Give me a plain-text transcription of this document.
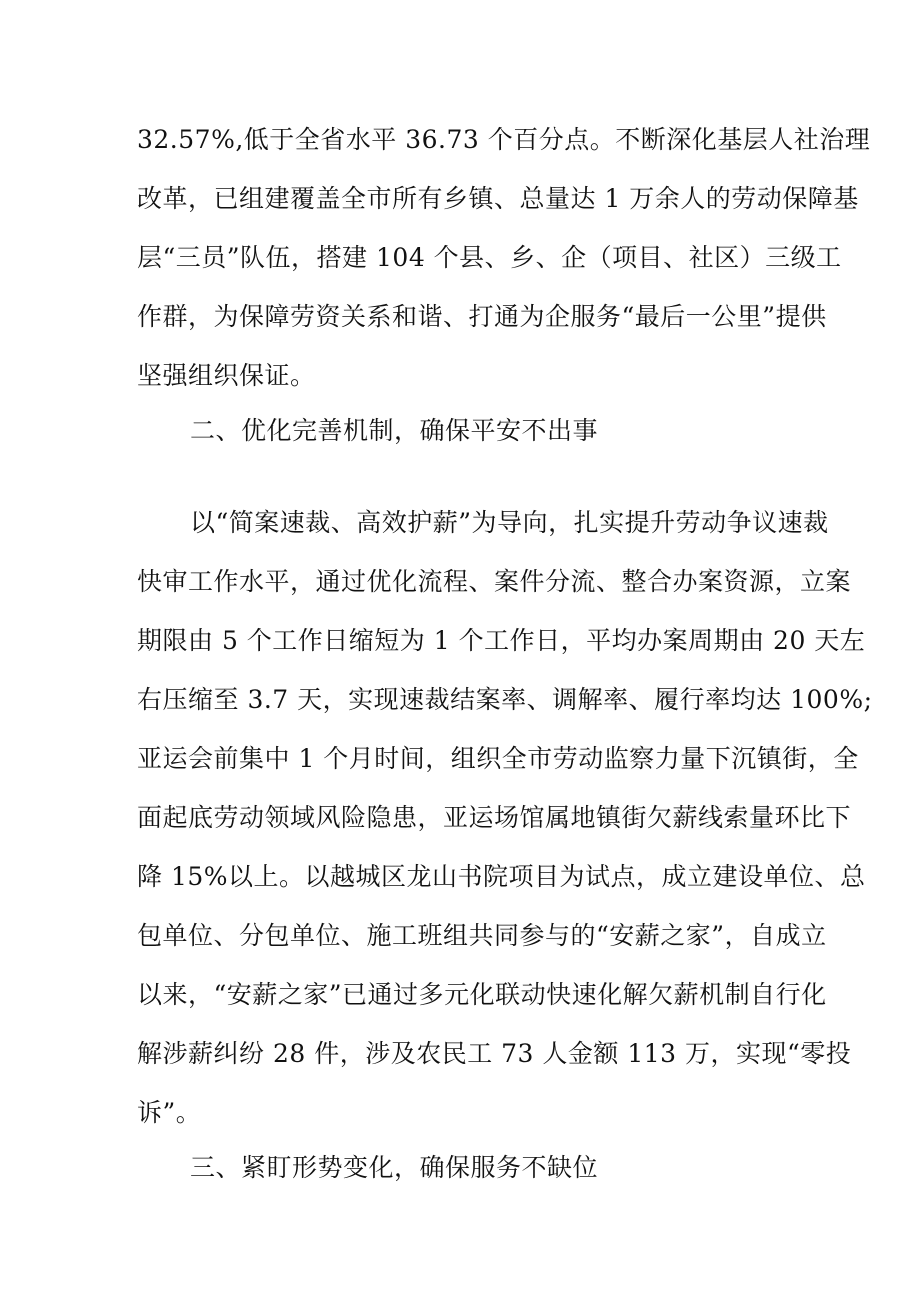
32.57%,低于全省水平 36.73 个百分点。不断深化基层人社治理
改革，已组建覆盖全市所有乡镇、总量达 1 万余人的劳动保障基
层“三员”队伍，搭建 104 个县、乡、企（项目、社区）三级工
作群，为保障劳资关系和谐、打通为企服务“最后一公里”提供
坚强组织保证。
二、优化完善机制，确保平安不出事
以“简案速裁、高效护薪”为导向，扎实提升劳动争议速裁
快审工作水平，通过优化流程、案件分流、整合办案资源，立案
期限由 5 个工作日缩短为 1 个工作日，平均办案周期由 20 天左
右压缩至 3.7 天，实现速裁结案率、调解率、履行率均达 100%;
亚运会前集中 1 个月时间，组织全市劳动监察力量下沉镇街，全
面起底劳动领域风险隐患，亚运场馆属地镇街欠薪线索量环比下
降 15%以上。以越城区龙山书院项目为试点，成立建设单位、总
包单位、分包单位、施工班组共同参与的“安薪之家”，自成立
以来，“安薪之家”已通过多元化联动快速化解欠薪机制自行化
解涉薪纠纷 28 件，涉及农民工 73 人金额 113 万，实现“零投
诉”。
三、紧盯形势变化，确保服务不缺位
